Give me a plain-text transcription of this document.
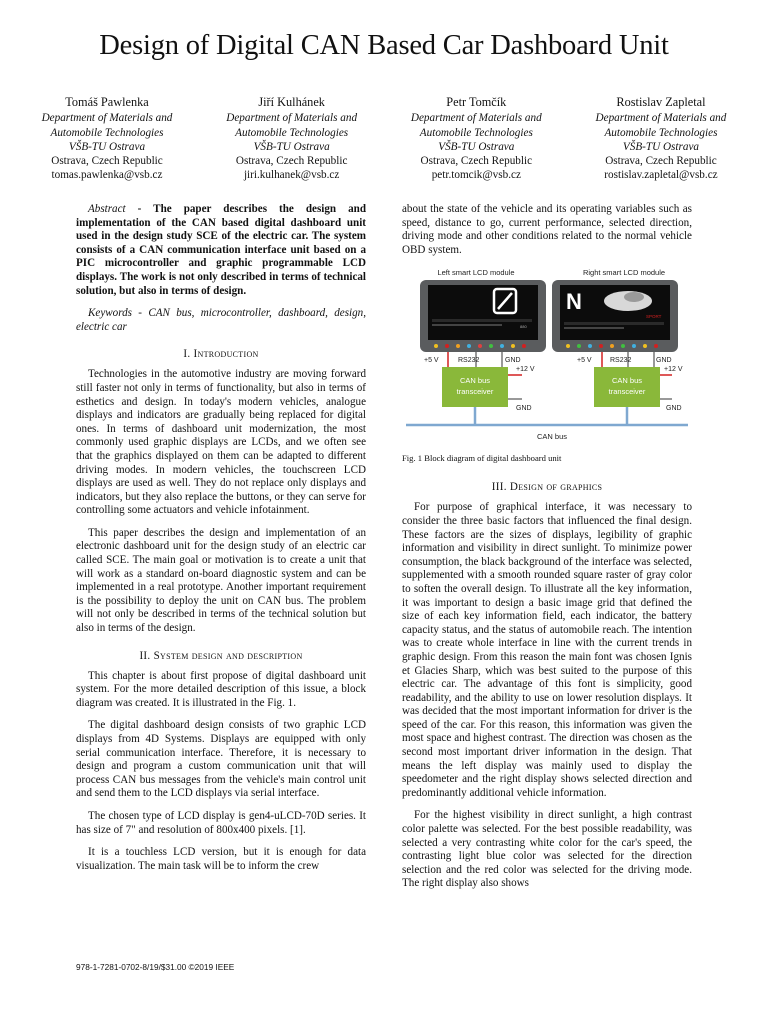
Design of Digital CAN Based Car Dashboard Unit
Tomáš Pawlenka
Department of Materials and
Automobile Technologies
VŠB-TU Ostrava
Ostrava, Czech Republic
tomas.pawlenka@vsb.cz
Jiří Kulhánek
Department of Materials and
Automobile Technologies
VŠB-TU Ostrava
Ostrava, Czech Republic
jiri.kulhanek@vsb.cz
Petr Tomčík
Department of Materials and
Automobile Technologies
VŠB-TU Ostrava
Ostrava, Czech Republic
petr.tomcik@vsb.cz
Rostislav Zapletal
Department of Materials and
Automobile Technologies
VŠB-TU Ostrava
Ostrava, Czech Republic
rostislav.zapletal@vsb.cz

Abstract - The paper describes the design and implementation of the CAN based digital dashboard unit used in the design study SCE of the electric car. The system consists of a CAN communication interface unit based on a PIC microcontroller and graphic programmable LCD displays. The work is not only described in terms of technical solution, but also in terms of design.

Keywords - CAN bus, microcontroller, dashboard, design, electric car

I. Introduction

Technologies in the automotive industry are moving forward still faster not only in terms of functionality, but also in terms of esthetics and design. In today's modern vehicles, analogue displays and indicators are gradually being replaced for digital ones. In terms of dashboard unit modernization, the most commonly used graphic displays are LCDs, and we often see that the graphics displayed on them can be adapted to different driving modes. In modern vehicles, the touchscreen LCD displays are used as well. They do not replace only displays and indicators, but they also replace the buttons, or they can serve for controlling some actuators and vehicle infotainment.

This paper describes the design and implementation of an electronic dashboard unit for the design study of an electric car called SCE. The main goal or motivation is to create a unit that will work as a standard on-board diagnostic system and can be implemented in a real prototype. Another important requirement is the possibility to deploy the unit on CAN bus. The problem will not only be described in terms of the technical solution but also in terms of the design.

II. System design and description

This chapter is about first propose of digital dashboard unit system. For the more detailed description of this issue, a block diagram was created. It is illustrated in the Fig. 1.

The digital dashboard design consists of two graphic LCD displays from 4D Systems. Displays are equipped with only serial communication interface. Therefore, it is necessary to design and program a custom communication unit that will process CAN bus messages from the vehicle's main control unit and send them to the LCD displays via serial interface.

The chosen type of LCD display is gen4-uLCD-70D series. It has size of 7" and resolution of 800x400 pixels. [1].

It is a touchless LCD version, but it is enough for data visualization. The main task will be to inform the crew

about the state of the vehicle and its operating variables such as speed, distance to go, current performance, selected direction, driving mode and other conditions related to the normal vehicle OBD system.

Left smart LCD module	Right smart LCD module
880
N
SPORT
+5 V	RS232	GND
CAN bus
transceiver
+12 V
GND
+5 V	RS232	GND
CAN bus
transceiver
+12 V
GND
CAN bus
Fig. 1 Block diagram of digital dashboard unit
III. Design of graphics

For purpose of graphical interface, it was necessary to consider the three basic factors that influenced the final design. These factors are the sizes of displays, legibility of graphic information and visibility in direct sunlight. To minimize power consumption, the black background of the interface was selected, supplemented with a smooth rounded square raster of gray color to soften the overall design. To illustrate all the key information, it was important to design a basic image grid that defined the size of each key information field, each indicator, the battery capacity status, and the status of automobile reach. The intention was to create whole interface in line with the current trends in graphic design. From this reason the main font was chosen Ignis et Glacies Sharp, which was best suited to the purpose of this electric car. The advantage of this font is simplicity, good readability, and the ability to use on lower resolution displays. It was decided that the most important information for driver is the speed of the car. For this reason, this information was given the most space and highest contrast. The direction was chosen as the second most important driver information in the design. That means the left display was mainly used to display the speedometer and the right display shows selected direction and predominantly additional vehicle information.

For the highest visibility in direct sunlight, a high contrast color palette was selected. For the best possible readability, was selected a very contrasting white color for the car's speed, the contrasting light blue color was selected for the direction selection and the red color was selected for the driving mode. The right display also shows

978-1-7281-0702-8/19/$31.00 ©2019 IEEE
